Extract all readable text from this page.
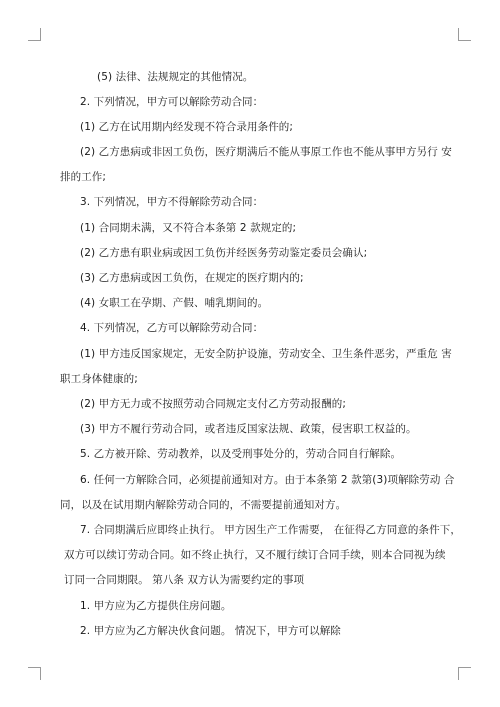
(5) 法律、法规规定的其他情况。
2. 下列情况，甲方可以解除劳动合同：
(1) 乙方在试用期内经发现不符合录用条件的;
(2) 乙方患病或非因工负伤，医疗期满后不能从事原工作也不能从事甲方另行 安
排的工作;
3. 下列情况，甲方不得解除劳动合同：
(1) 合同期未满，又不符合本条第 2 款规定的;
(2) 乙方患有职业病或因工负伤并经医务劳动鉴定委员会确认;
(3) 乙方患病或因工负伤，在规定的医疗期内的;
(4) 女职工在孕期、产假、哺乳期间的。
4. 下列情况，乙方可以解除劳动合同：
(1) 甲方违反国家规定，无安全防护设施，劳动安全、卫生条件恶劣，严重危 害
职工身体健康的;
(2) 甲方无力或不按照劳动合同规定支付乙方劳动报酬的;
(3) 甲方不履行劳动合同，或者违反国家法规、政策，侵害职工权益的。
5. 乙方被开除、劳动教养，以及受刑事处分的，劳动合同自行解除。
6. 任何一方解除合同，必须提前通知对方。由于本条第 2 款第(3)项解除劳动 合
同，以及在试用期内解除劳动合同的，不需要提前通知对方。
7. 合同期满后应即终止执行。 甲方因生产工作需要， 在征得乙方同意的条件下，
双方可以续订劳动合同。如不终止执行，又不履行续订合同手续，则本合同视为续
订同一合同期限。 第八条 双方认为需要约定的事项
1. 甲方应为乙方提供住房问题。
2. 甲方应为乙方解决伙食问题。 情况下，甲方可以解除
